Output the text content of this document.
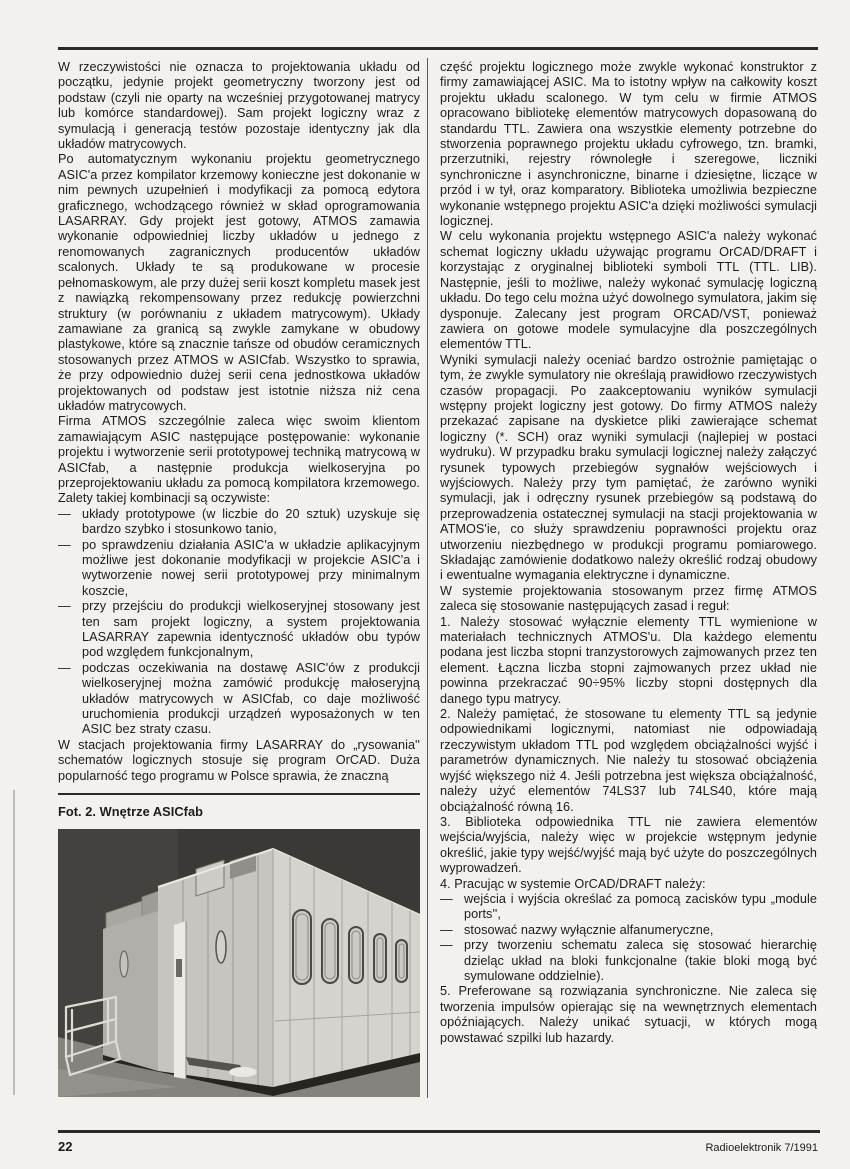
W rzeczywistości nie oznacza to projektowania układu od początku, jedynie projekt geometryczny tworzony jest od podstaw (czyli nie oparty na wcześniej przygotowanej matrycy lub komórce standardowej). Sam projekt logiczny wraz z symulacją i generacją testów pozostaje identyczny jak dla układów matrycowych.

Po automatycznym wykonaniu projektu geometrycznego ASIC'a przez kompilator krzemowy konieczne jest dokonanie w nim pewnych uzupełnień i modyfikacji za pomocą edytora graficznego, wchodzącego również w skład oprogramowania LASARRAY. Gdy projekt jest gotowy, ATMOS zamawia wykonanie odpowiedniej liczby układów u jednego z renomowanych zagranicznych producentów układów scalonych. Układy te są produkowane w procesie pełnomaskowym, ale przy dużej serii koszt kompletu masek jest z nawiązką rekompensowany przez redukcję powierzchni struktury (w porównaniu z układem matrycowym). Układy zamawiane za granicą są zwykle zamykane w obudowy plastykowe, które są znacznie tańsze od obudów ceramicznych stosowanych przez ATMOS w ASICfab. Wszystko to sprawia, że przy odpowiednio dużej serii cena jednostkowa układów projektowanych od podstaw jest istotnie niższa niż cena układów matrycowych.

Firma ATMOS szczególnie zaleca więc swoim klientom zamawiającym ASIC następujące postępowanie: wykonanie projektu i wytworzenie serii prototypowej techniką matrycową w ASICfab, a następnie produkcja wielkoseryjna po przeprojektowaniu układu za pomocą kompilatora krzemowego. Zalety takiej kombinacji są oczywiste:

— układy prototypowe (w liczbie do 20 sztuk) uzyskuje się bardzo szybko i stosunkowo tanio,
— po sprawdzeniu działania ASIC'a w układzie aplikacyjnym możliwe jest dokonanie modyfikacji w projekcie ASIC'a i wytworzenie nowej serii prototypowej przy minimalnym koszcie,
— przy przejściu do produkcji wielkoseryjnej stosowany jest ten sam projekt logiczny, a system projektowania LASARRAY zapewnia identyczność układów obu typów pod względem funkcjonalnym,
— podczas oczekiwania na dostawę ASIC'ów z produkcji wielkoseryjnej można zamówić produkcję małoseryjną układów matrycowych w ASICfab, co daje możliwość uruchomienia produkcji urządzeń wyposażonych w ten ASIC bez straty czasu.

W stacjach projektowania firmy LASARRAY do „rysowania'' schematów logicznych stosuje się program OrCAD. Duża popularność tego programu w Polsce sprawia, że znaczną

Fot. 2. Wnętrze ASICfab

część projektu logicznego może zwykle wykonać konstruktor z firmy zamawiającej ASIC. Ma to istotny wpływ na całkowity koszt projektu układu scalonego. W tym celu w firmie ATMOS opracowano bibliotekę elementów matrycowych dopasowaną do standardu TTL. Zawiera ona wszystkie elementy potrzebne do stworzenia poprawnego projektu układu cyfrowego, tzn. bramki, przerzutniki, rejestry równoległe i szeregowe, liczniki synchroniczne i asynchroniczne, binarne i dziesiętne, liczące w przód i w tył, oraz komparatory. Biblioteka umożliwia bezpieczne wykonanie wstępnego projektu ASIC'a dzięki możliwości symulacji logicznej.

W celu wykonania projektu wstępnego ASIC'a należy wykonać schemat logiczny układu używając programu OrCAD/DRAFT i korzystając z oryginalnej biblioteki symboli TTL (TTL. LIB). Następnie, jeśli to możliwe, należy wykonać symulację logiczną układu. Do tego celu można użyć dowolnego symulatora, jakim się dysponuje. Zalecany jest program ORCAD/VST, ponieważ zawiera on gotowe modele symulacyjne dla poszczególnych elementów TTL.

Wyniki symulacji należy oceniać bardzo ostrożnie pamiętając o tym, że zwykle symulatory nie określają prawidłowo rzeczywistych czasów propagacji. Po zaakceptowaniu wyników symulacji wstępny projekt logiczny jest gotowy. Do firmy ATMOS należy przekazać zapisane na dyskietce pliki zawierające schemat logiczny (*. SCH) oraz wyniki symulacji (najlepiej w postaci wydruku). W przypadku braku symulacji logicznej należy załączyć rysunek typowych przebiegów sygnałów wejściowych i wyjściowych. Należy przy tym pamiętać, że zarówno wyniki symulacji, jak i odręczny rysunek przebiegów są podstawą do przeprowadzenia ostatecznej symulacji na stacji projektowania w ATMOS'ie, co służy sprawdzeniu poprawności projektu oraz utworzeniu niezbędnego w produkcji programu pomiarowego. Składając zamówienie dodatkowo należy określić rodzaj obudowy i ewentualne wymagania elektryczne i dynamiczne.

W systemie projektowania stosowanym przez firmę ATMOS zaleca się stosowanie następujących zasad i reguł:

1. Należy stosować wyłącznie elementy TTL wymienione w materiałach technicznych ATMOS'u. Dla każdego elementu podana jest liczba stopni tranzystorowych zajmowanych przez ten element. Łączna liczba stopni zajmowanych przez układ nie powinna przekraczać 90÷95% liczby stopni dostępnych dla danego typu matrycy.

2. Należy pamiętać, że stosowane tu elementy TTL są jedynie odpowiednikami logicznymi, natomiast nie odpowiadają rzeczywistym układom TTL pod względem obciążalności wyjść i parametrów dynamicznych. Nie należy tu stosować obciążenia wyjść większego niż 4. Jeśli potrzebna jest większa obciążalność, należy użyć elementów 74LS37 lub 74LS40, które mają obciążalność równą 16.

3. Biblioteka odpowiednika TTL nie zawiera elementów wejścia/wyjścia, należy więc w projekcie wstępnym jedynie określić, jakie typy wejść/wyjść mają być użyte do poszczególnych wyprowadzeń.

4. Pracując w systemie OrCAD/DRAFT należy:

— wejścia i wyjścia określać za pomocą zacisków typu „module ports'',
— stosować nazwy wyłącznie alfanumeryczne,
— przy tworzeniu schematu zaleca się stosować hierarchię dzieląc układ na bloki funkcjonalne (takie bloki mogą być symulowane oddzielnie).

5. Preferowane są rozwiązania synchroniczne. Nie zaleca się tworzenia impulsów opierając się na wewnętrznych elementach opóźniających. Należy unikać sytuacji, w których mogą powstawać szpilki lub hazardy.

22	Radioelektronik 7/1991
